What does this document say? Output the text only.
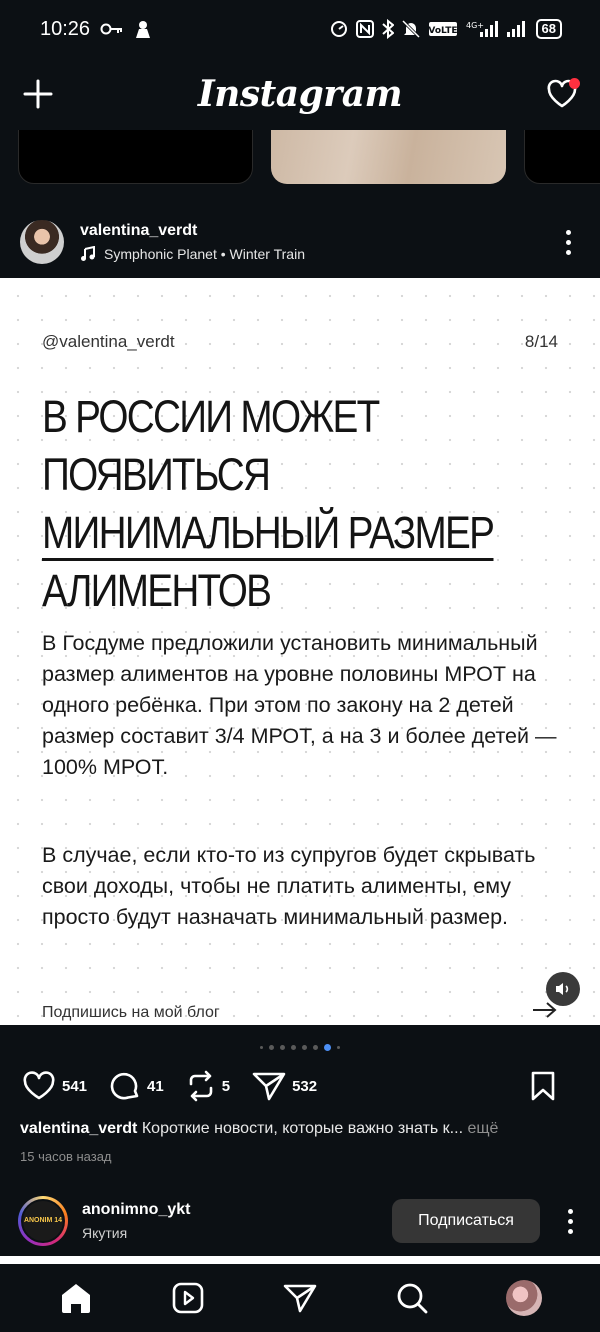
10:26	VoLTE
4G+	68
Instagram
valentina_verdt
Symphonic Planet • Winter Train
@valentina_verdt	8/14
В РОССИИ МОЖЕТ
ПОЯВИТЬСЯ
МИНИМАЛЬНЫЙ РАЗМЕР
АЛИМЕНТОВ
В Госдуме предложили установить минимальный размер алиментов на уровне половины МРОТ на одного ребёнка. При этом по закону на 2 детей размер составит 3/4 МРОТ, а на 3 и более детей — 100% МРОТ.
В случае, если кто-то из супругов будет скрывать свои доходы, чтобы не платить алименты, ему просто будут назначать минимальный размер.
Подпишись на мой блог
541	41	5	532
valentina_verdt Короткие новости, которые важно знать к... ещё
15 часов назад
ANONIM 14
anonimno_ykt
Якутия
Подписаться
